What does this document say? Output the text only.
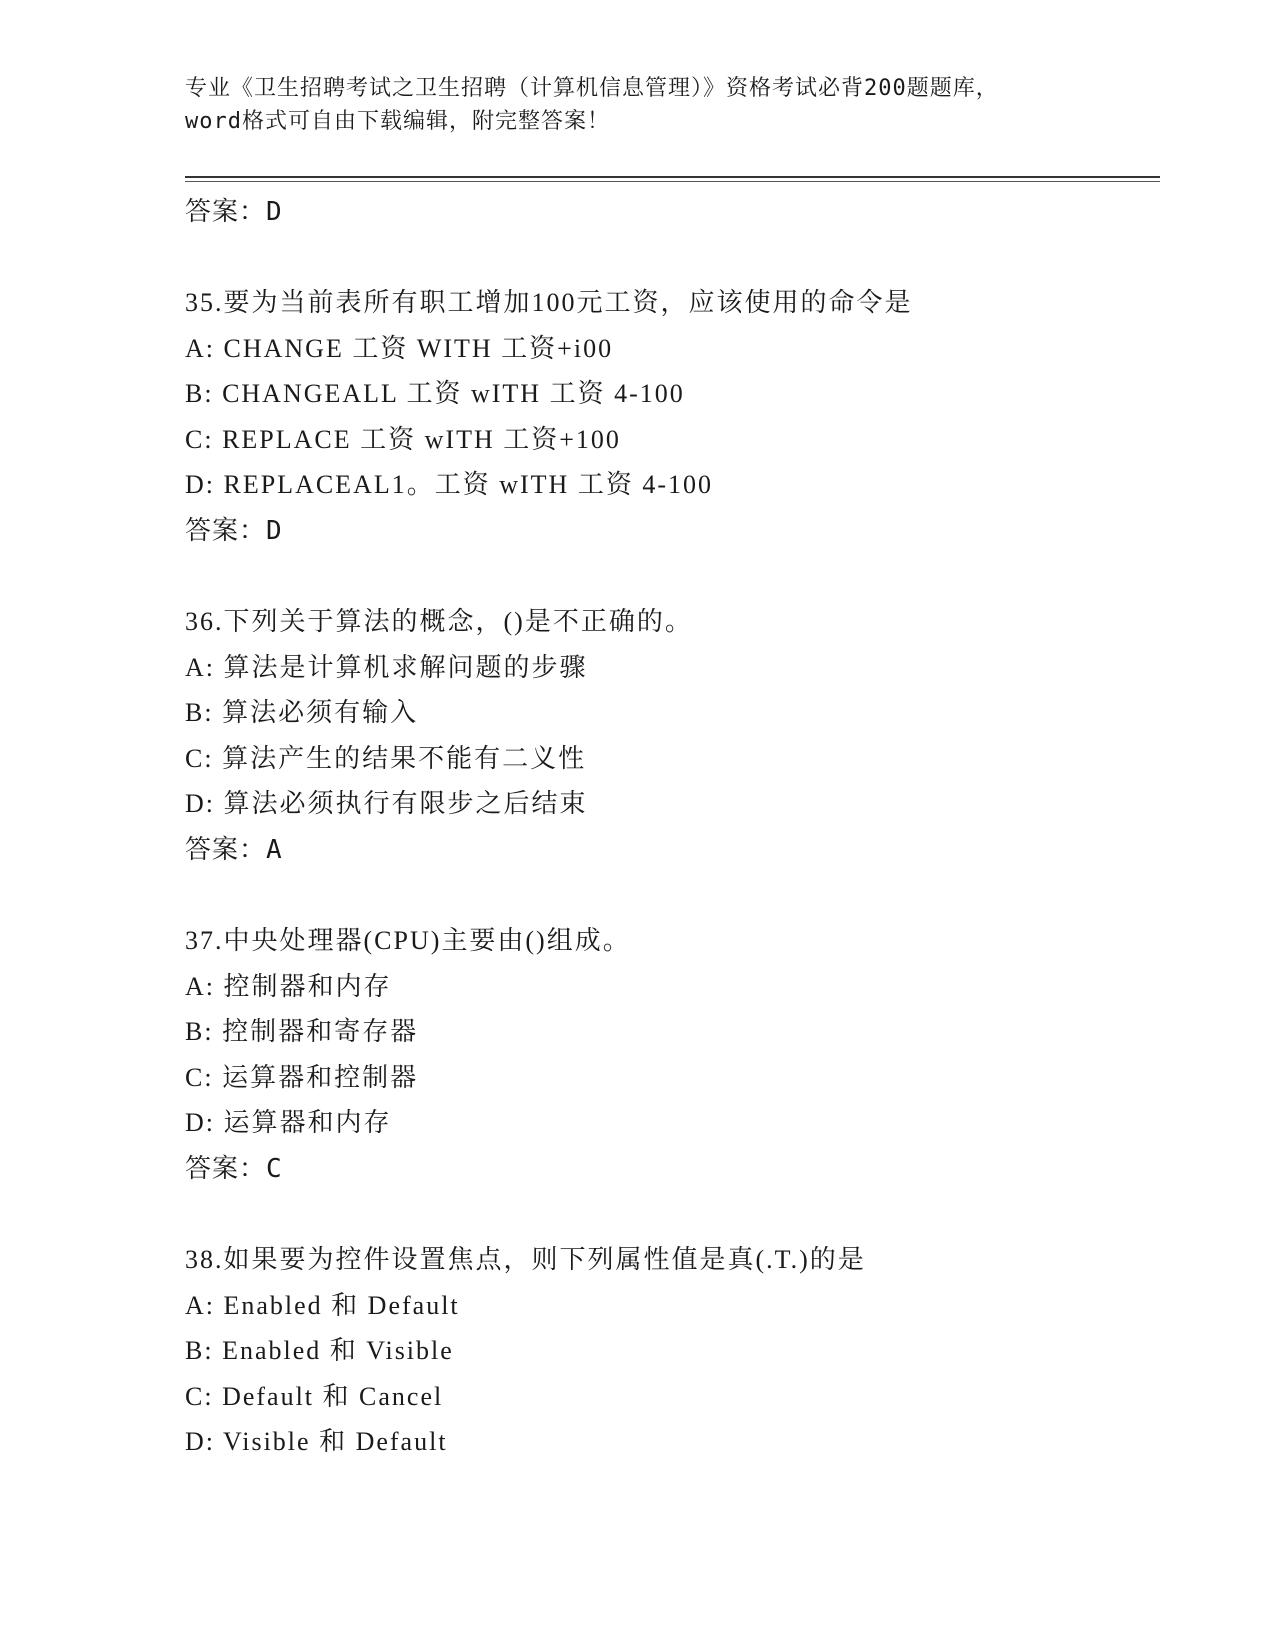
专业《卫生招聘考试之卫生招聘（计算机信息管理）》资格考试必背200题题库，
word格式可自由下载编辑，附完整答案！
答案：D
35.要为当前表所有职工增加100元工资，应该使用的命令是
A: CHANGE 工资 WITH 工资+i00
B: CHANGEALL 工资 wITH 工资 4-100
C: REPLACE 工资 wITH 工资+100
D: REPLACEAL1。工资 wITH 工资 4-100
答案：D
36.下列关于算法的概念，()是不正确的。
A: 算法是计算机求解问题的步骤
B: 算法必须有输入
C: 算法产生的结果不能有二义性
D: 算法必须执行有限步之后结束
答案：A
37.中央处理器(CPU)主要由()组成。
A: 控制器和内存
B: 控制器和寄存器
C: 运算器和控制器
D: 运算器和内存
答案：C
38.如果要为控件设置焦点，则下列属性值是真(.T.)的是
A: Enabled 和 Default
B: Enabled 和 Visible
C: Default 和 Cancel
D: Visible 和 Default
